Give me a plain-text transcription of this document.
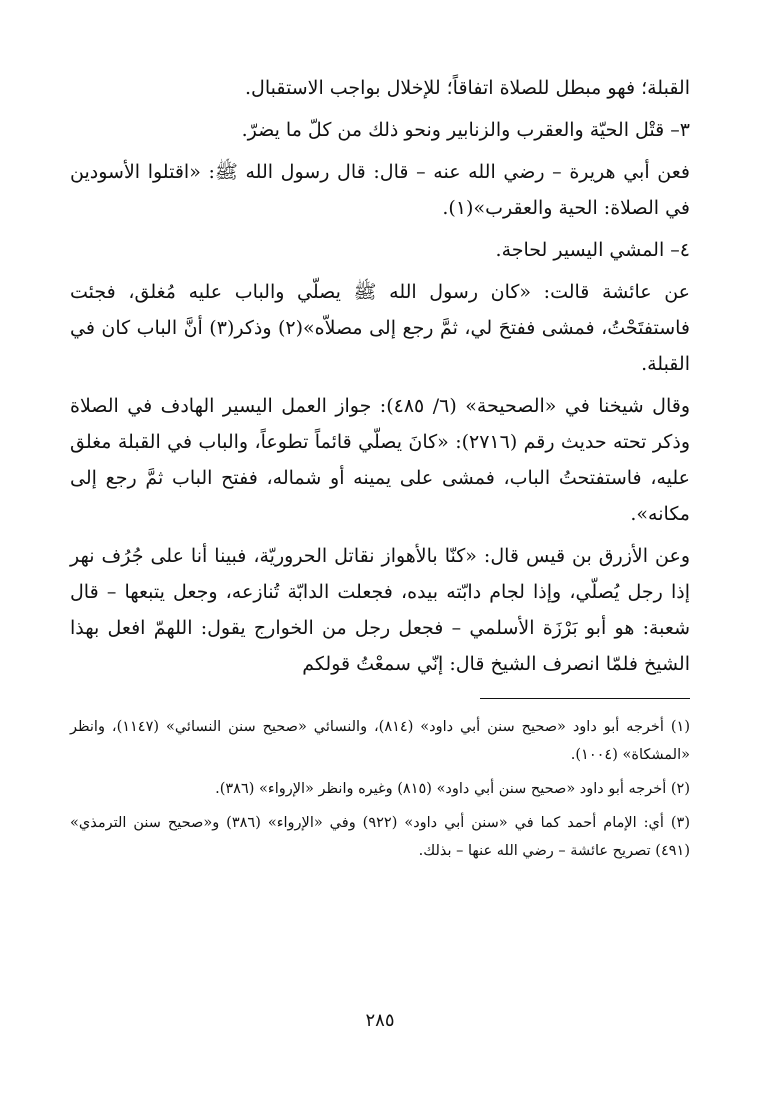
القبلة؛ فهو مبطل للصلاة اتفاقاً؛ للإخلال بواجب الاستقبال.

٣– قتْل الحيّة والعقرب والزنابير ونحو ذلك من كلّ ما يضرّ.

فعن أبي هريرة – رضي الله عنه – قال: قال رسول الله ﷺ: «اقتلوا الأسودين في الصلاة: الحية والعقرب»(١).

٤– المشي اليسير لحاجة.

عن عائشة قالت: «كان رسول الله ﷺ يصلّي والباب عليه مُغلق، فجئت فاستفتَحْتُ، فمشى ففتحَ لي، ثمَّ رجع إلى مصلاّه»(٢) وذكر(٣) أنَّ الباب كان في القبلة.

وقال شيخنا في «الصحيحة» (٦/ ٤٨٥): جواز العمل اليسير الهادف في الصلاة وذكر تحته حديث رقم (٢٧١٦): «كانَ يصلّي قائماً تطوعاً، والباب في القبلة مغلق عليه، فاستفتحتُ الباب، فمشى على يمينه أو شماله، ففتح الباب ثمَّ رجع إلى مكانه».

وعن الأزرق بن قيس قال: «كنّا بالأهواز نقاتل الحروريّة، فبينا أنا على جُرُف نهر إذا رجل يُصلّي، وإذا لجام دابّته بيده، فجعلت الدابّة تُنازعه، وجعل يتبعها – قال شعبة: هو أبو بَرْزَة الأسلمي – فجعل رجل من الخوارج يقول: اللهمّ افعل بهذا الشيخ فلمّا انصرف الشيخ قال: إنّي سمعْتُ قولكم

(١) أخرجه أبو داود «صحيح سنن أبي داود» (٨١٤)، والنسائي «صحيح سنن النسائي» (١١٤٧)، وانظر «المشكاة» (١٠٠٤).

(٢) أخرجه أبو داود «صحيح سنن أبي داود» (٨١٥) وغيره وانظر «الإرواء» (٣٨٦).

(٣) أي: الإمام أحمد كما في «سنن أبي داود» (٩٢٢) وفي «الإرواء» (٣٨٦) و«صحيح سنن الترمذي» (٤٩١) تصريح عائشة – رضي الله عنها – بذلك.

٢٨٥
